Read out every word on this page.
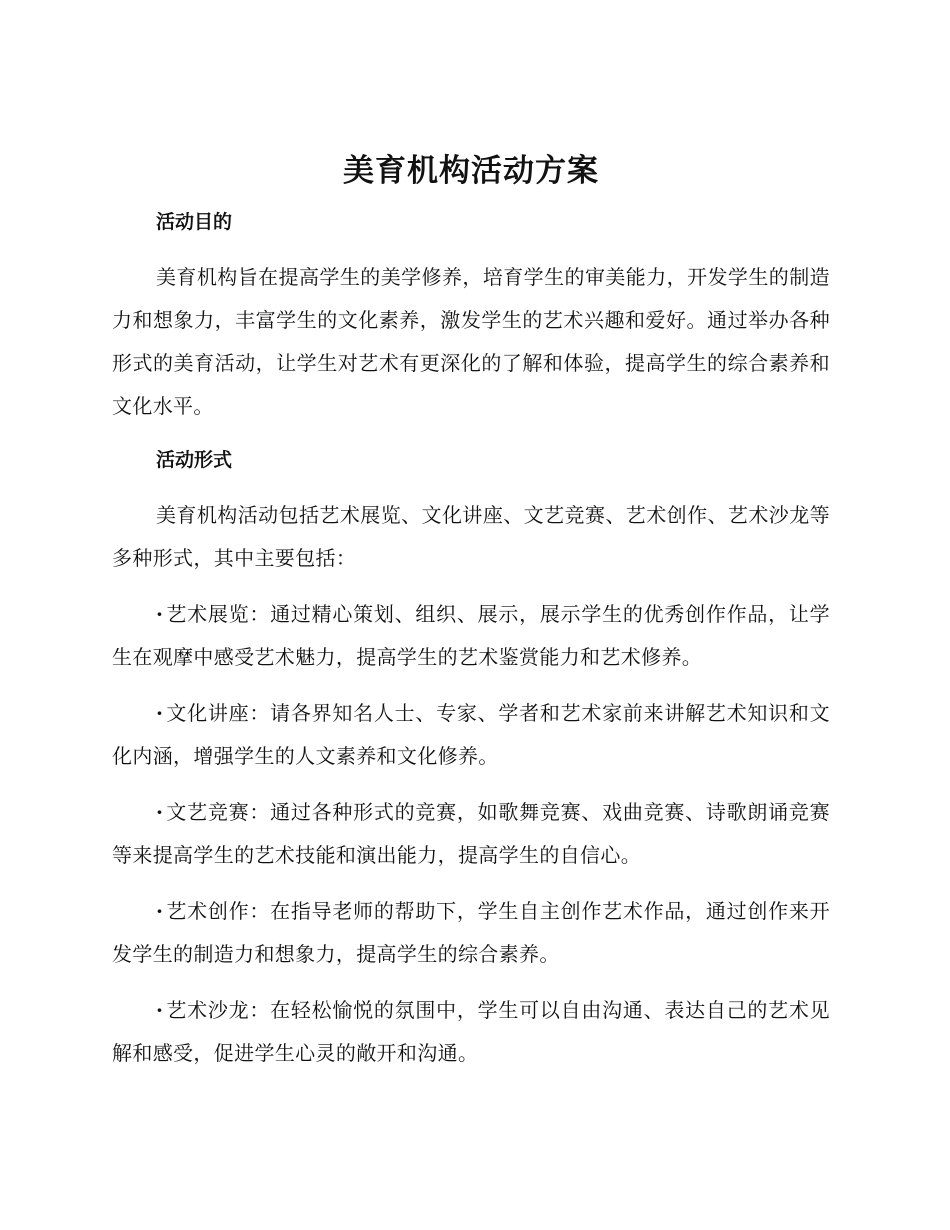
美育机构活动方案
活动目的

美育机构旨在提高学生的美学修养，培育学生的审美能力，开发学生的制造力和想象力，丰富学生的文化素养，激发学生的艺术兴趣和爱好。通过举办各种形式的美育活动，让学生对艺术有更深化的了解和体验，提高学生的综合素养和文化水平。

活动形式

美育机构活动包括艺术展览、文化讲座、文艺竞赛、艺术创作、艺术沙龙等多种形式，其中主要包括：

· 艺术展览：通过精心策划、组织、展示，展示学生的优秀创作作品，让学生在观摩中感受艺术魅力，提高学生的艺术鉴赏能力和艺术修养。

· 文化讲座：请各界知名人士、专家、学者和艺术家前来讲解艺术知识和文化内涵，增强学生的人文素养和文化修养。

· 文艺竞赛：通过各种形式的竞赛，如歌舞竞赛、戏曲竞赛、诗歌朗诵竞赛等来提高学生的艺术技能和演出能力，提高学生的自信心。

· 艺术创作：在指导老师的帮助下，学生自主创作艺术作品，通过创作来开发学生的制造力和想象力，提高学生的综合素养。

· 艺术沙龙：在轻松愉悦的氛围中，学生可以自由沟通、表达自己的艺术见解和感受，促进学生心灵的敞开和沟通。
